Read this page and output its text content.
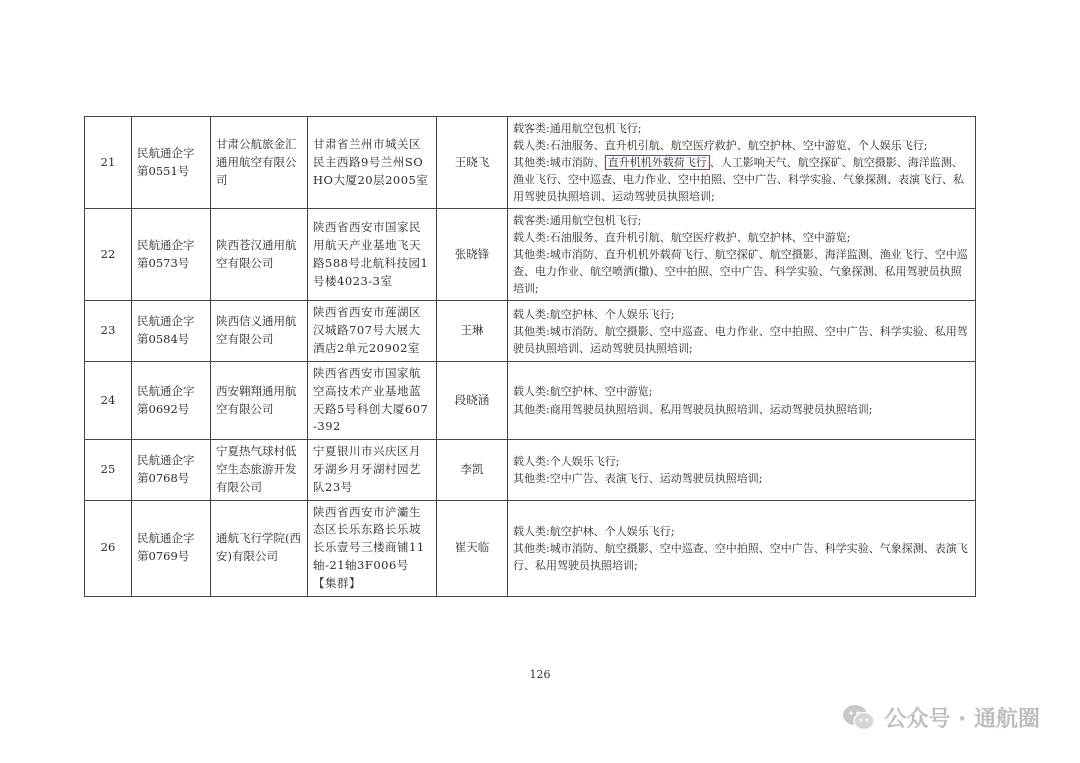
21	民航通企字第0551号	甘肃公航旅金汇通用航空有限公司	甘肃省兰州市城关区民主西路9号兰州SOHO大厦20层2005室	王晓飞	载客类:通用航空包机飞行;
载人类:石油服务、直升机引航、航空医疗救护、航空护林、空中游览、个人娱乐飞行;
其他类:城市消防、 直升机机外载荷飞行 、人工影响天气、航空探矿、航空摄影、海洋监测、渔业飞行、空中巡查、电力作业、空中拍照、空中广告、科学实验、气象探测、表演飞行、私用驾驶员执照培训、运动驾驶员执照培训;

22	民航通企字第0573号	陕西苍汉通用航空有限公司	陕西省西安市国家民用航天产业基地飞天路588号北航科技园1号楼4023-3室	张晓锋	载客类:通用航空包机飞行;
载人类:石油服务、直升机引航、航空医疗救护、航空护林、空中游览;
其他类:城市消防、直升机机外载荷飞行、航空探矿、航空摄影、海洋监测、渔业飞行、空中巡查、电力作业、航空喷洒(撒)、空中拍照、空中广告、科学实验、气象探测、私用驾驶员执照培训;

23	民航通企字第0584号	陕西信义通用航空有限公司	陕西省西安市莲湖区汉城路707号大展大酒店2单元20902室	王琳	载人类:航空护林、个人娱乐飞行;
其他类:城市消防、航空摄影、空中巡查、电力作业、空中拍照、空中广告、科学实验、私用驾驶员执照培训、运动驾驶员执照培训;

24	民航通企字第0692号	西安翱翔通用航空有限公司	陕西省西安市国家航空高技术产业基地蓝天路5号科创大厦607-392	段晓涵	载人类:航空护林、空中游览;
其他类:商用驾驶员执照培训、私用驾驶员执照培训、运动驾驶员执照培训;

25	民航通企字第0768号	宁夏热气球村低空生态旅游开发有限公司	宁夏银川市兴庆区月牙湖乡月牙湖村园艺队23号	李凯	载人类:个人娱乐飞行;
其他类:空中广告、表演飞行、运动驾驶员执照培训;

26	民航通企字第0769号	通航飞行学院(西安)有限公司	陕西省西安市浐灞生态区长乐东路长乐坡长乐壹号三楼商铺11轴-21轴3F006号【集群】	崔天临	载人类:航空护林、个人娱乐飞行;
其他类:城市消防、航空摄影、空中巡查、空中拍照、空中广告、科学实验、气象探测、表演飞行、私用驾驶员执照培训;
126
公众号 · 通航圈
